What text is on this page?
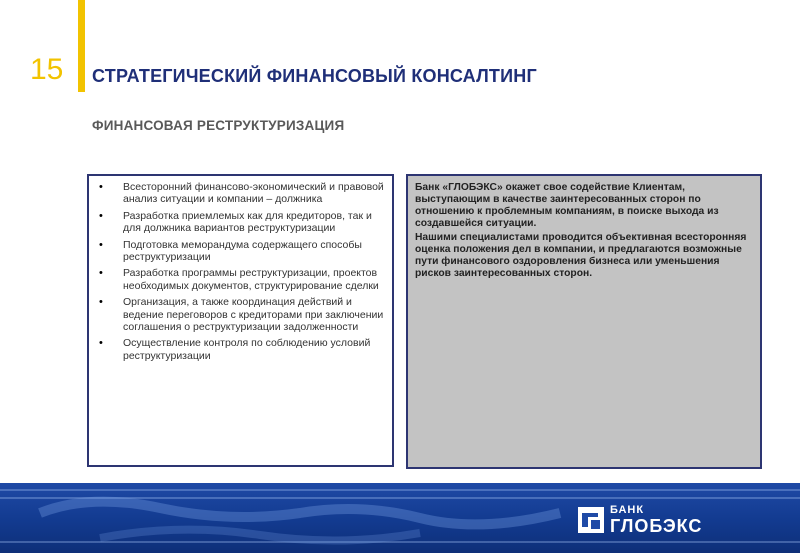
15 СТРАТЕГИЧЕСКИЙ ФИНАНСОВЫЙ КОНСАЛТИНГ
ФИНАНСОВАЯ РЕСТРУКТУРИЗАЦИЯ
• Всесторонний финансово-экономический и правовой анализ ситуации и компании – должника
• Разработка приемлемых как для кредиторов, так и для должника вариантов реструктуризации
• Подготовка меморандума содержащего способы реструктуризации
• Разработка программы реструктуризации, проектов необходимых документов, структурирование сделки
• Организация, а также координация действий и ведение переговоров с кредиторами при заключении соглашения о реструктуризации задолженности
• Осуществление контроля по соблюдению условий реструктуризации

Банк «ГЛОБЭКС» окажет свое содействие Клиентам, выступающим в качестве заинтересованных сторон по отношению к проблемным компаниям, в поиске выхода из создавшейся ситуации.

Нашими специалистами проводится объективная всесторонняя оценка положения дел в компании, и предлагаются возможные пути финансового оздоровления бизнеса или уменьшения рисков заинтересованных сторон.

БАНК
ГЛОБЭКС
